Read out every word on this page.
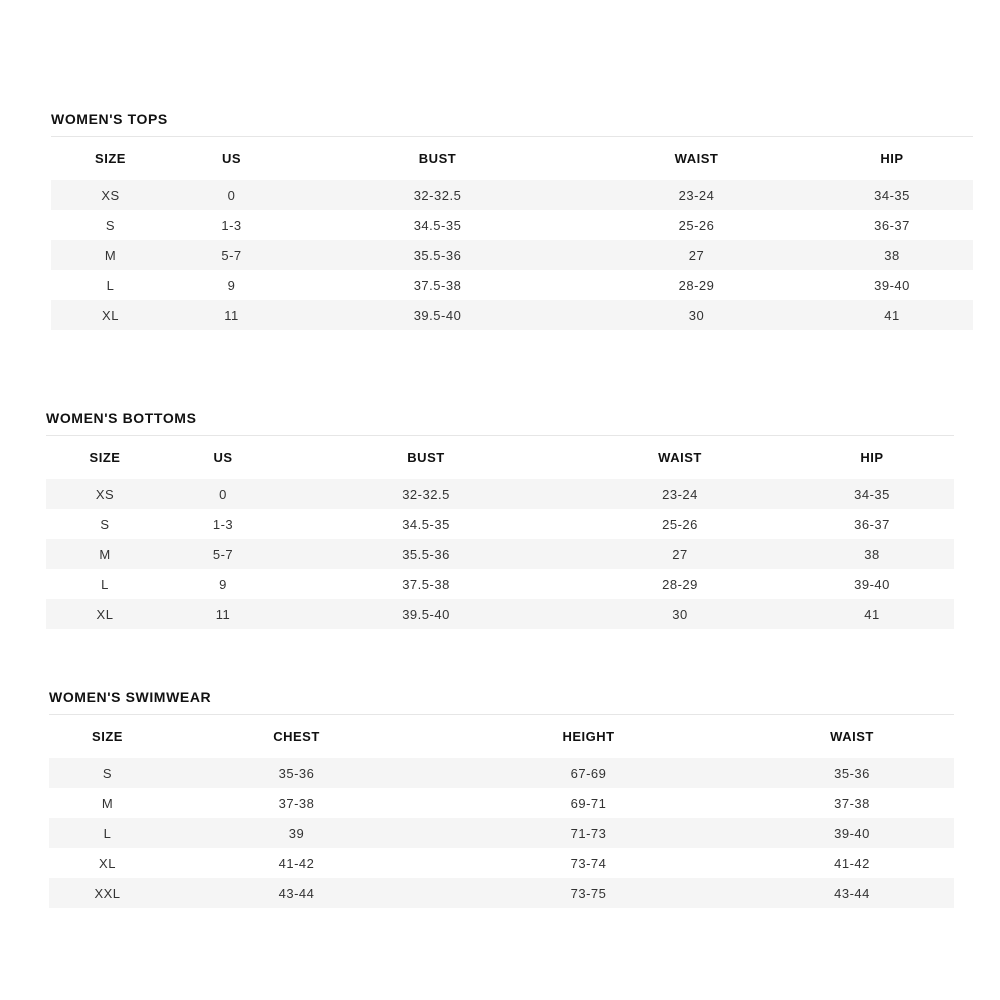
WOMEN'S TOPS
SIZE	US	BUST	WAIST	HIP
XS	0	32-32.5	23-24	34-35
S	1-3	34.5-35	25-26	36-37
M	5-7	35.5-36	27	38
L	9	37.5-38	28-29	39-40
XL	11	39.5-40	30	41
WOMEN'S BOTTOMS
SIZE	US	BUST	WAIST	HIP
XS	0	32-32.5	23-24	34-35
S	1-3	34.5-35	25-26	36-37
M	5-7	35.5-36	27	38
L	9	37.5-38	28-29	39-40
XL	11	39.5-40	30	41
WOMEN'S SWIMWEAR
SIZE	CHEST	HEIGHT	WAIST
S	35-36	67-69	35-36
M	37-38	69-71	37-38
L	39	71-73	39-40
XL	41-42	73-74	41-42
XXL	43-44	73-75	43-44
